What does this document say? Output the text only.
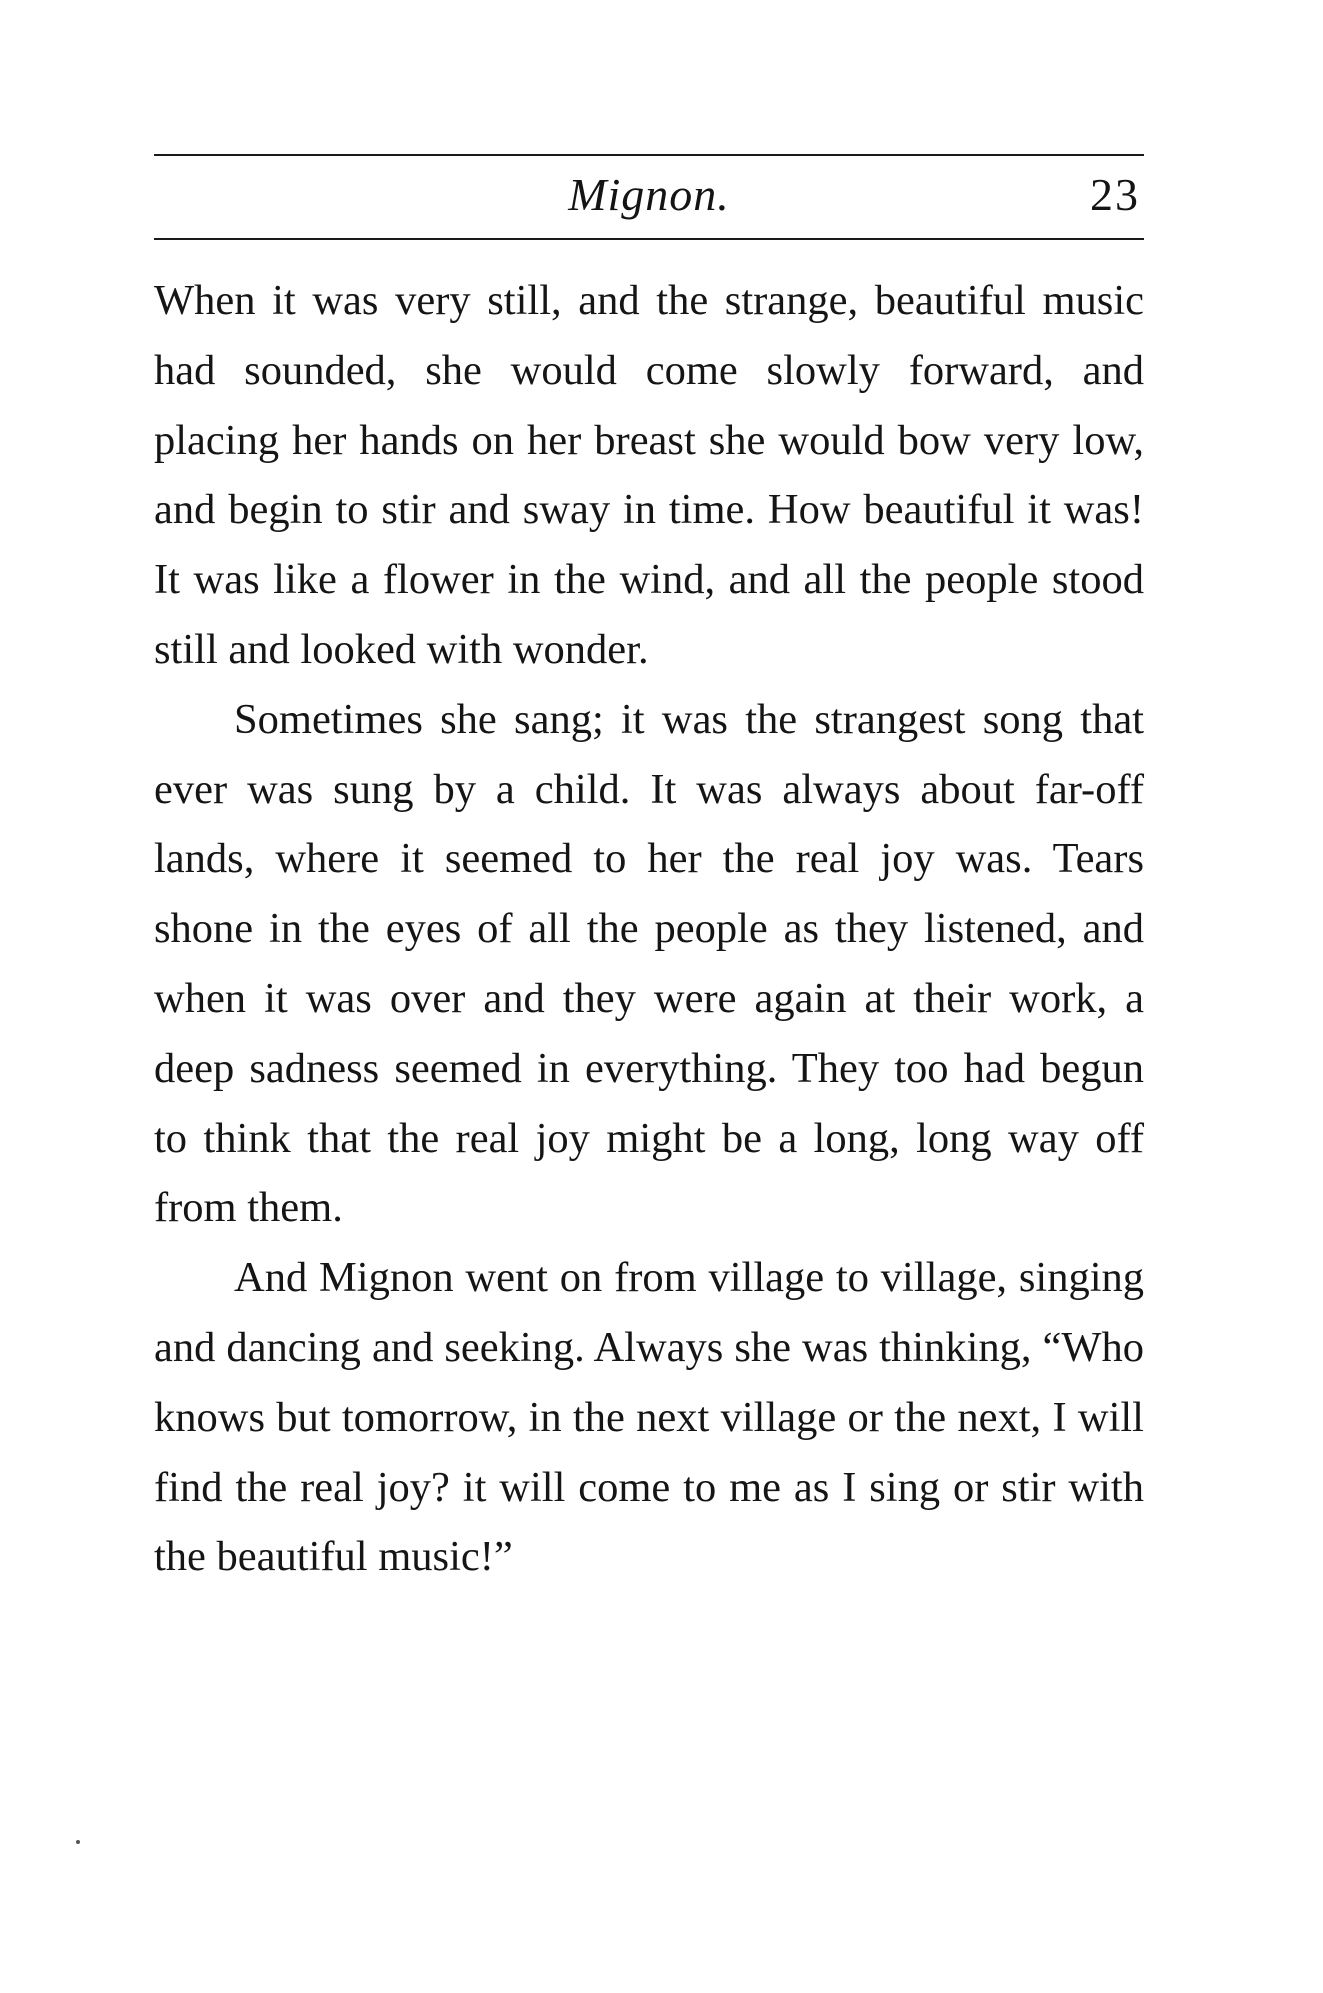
Mignon.	23

When it was very still, and the strange, beautiful music had sounded, she would come slowly forward, and placing her hands on her breast she would bow very low, and begin to stir and sway in time. How beautiful it was! It was like a flower in the wind, and all the people stood still and looked with wonder.

Sometimes she sang; it was the strangest song that ever was sung by a child. It was always about far-off lands, where it seemed to her the real joy was. Tears shone in the eyes of all the people as they listened, and when it was over and they were again at their work, a deep sadness seemed in everything. They too had begun to think that the real joy might be a long, long way off from them.

And Mignon went on from village to village, singing and dancing and seeking. Always she was thinking, “Who knows but tomorrow, in the next village or the next, I will find the real joy? it will come to me as I sing or stir with the beautiful music!”
